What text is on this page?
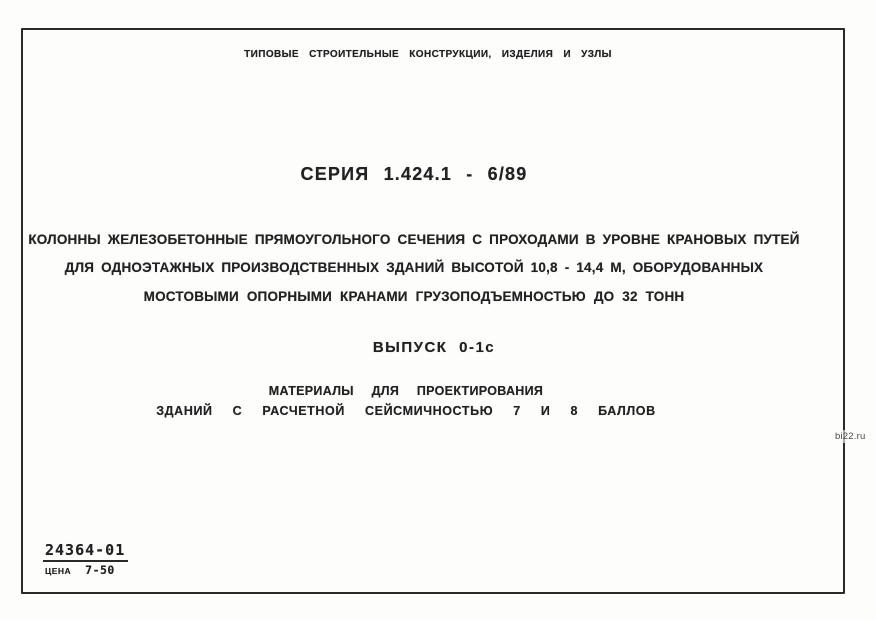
ТИПОВЫЕ СТРОИТЕЛЬНЫЕ КОНСТРУКЦИИ, ИЗДЕЛИЯ И УЗЛЫ
СЕРИЯ 1.424.1 - 6/89
КОЛОННЫ ЖЕЛЕЗОБЕТОННЫЕ ПРЯМОУГОЛЬНОГО СЕЧЕНИЯ С ПРОХОДАМИ В УРОВНЕ КРАНОВЫХ ПУТЕЙ
ДЛЯ ОДНОЭТАЖНЫХ ПРОИЗВОДСТВЕННЫХ ЗДАНИЙ ВЫСОТОЙ 10,8 - 14,4 М, ОБОРУДОВАННЫХ
МОСТОВЫМИ ОПОРНЫМИ КРАНАМИ ГРУЗОПОДЪЕМНОСТЬЮ ДО 32 ТОНН
ВЫПУСК 0-1с
МАТЕРИАЛЫ ДЛЯ ПРОЕКТИРОВАНИЯ
ЗДАНИЙ С РАСЧЕТНОЙ СЕЙСМИЧНОСТЬЮ 7 И 8 БАЛЛОВ
24364-01
ЦЕНА 7-50
bi22.ru
